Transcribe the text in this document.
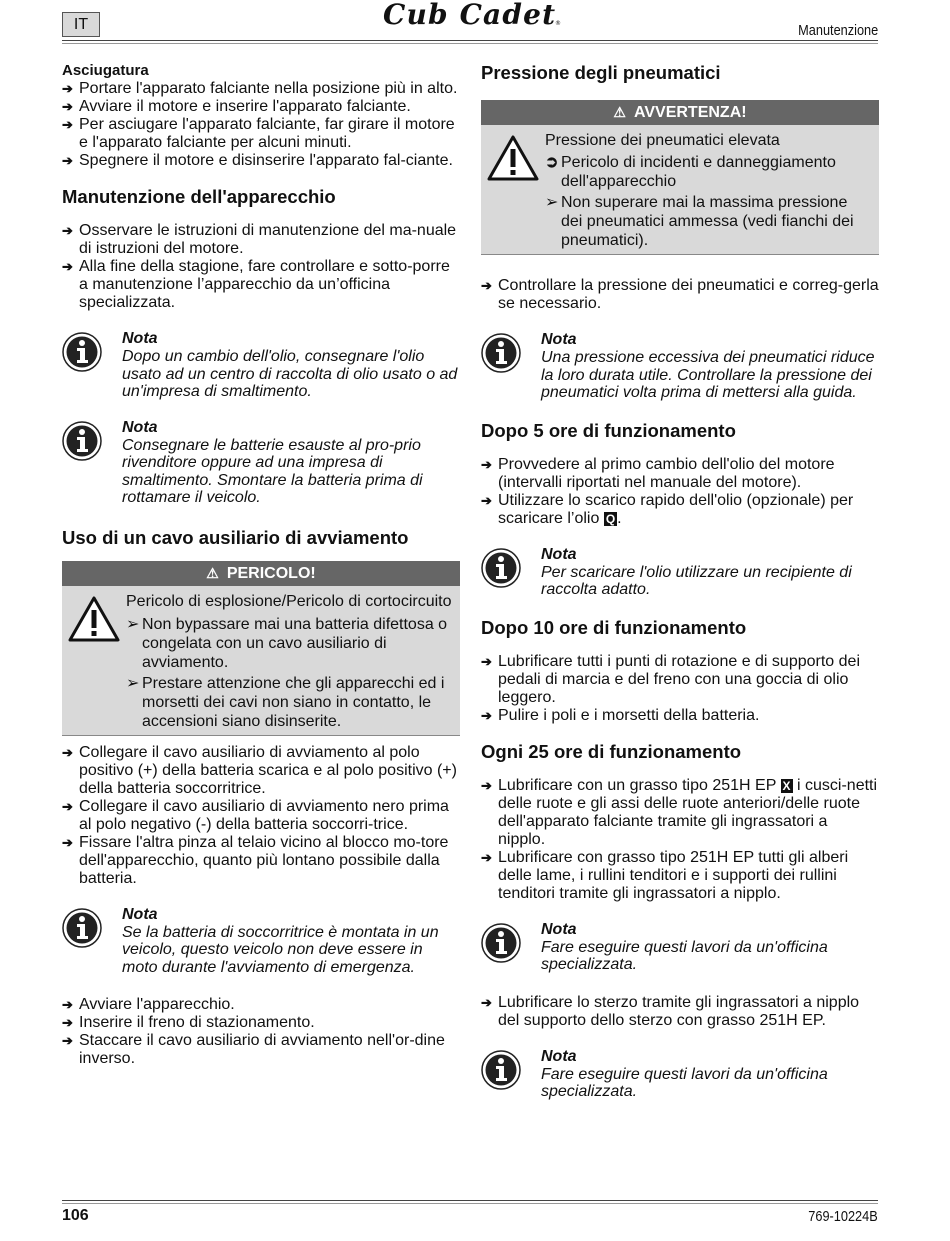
IT	Cub Cadet ®	Manutenzione
Asciugatura
➔ Portare l'apparato falciante nella posizione più in alto.
➔ Avviare il motore e inserire l'apparato falciante.
➔ Per asciugare l'apparato falciante, far girare il motore e l'apparato falciante per alcuni minuti.
➔ Spegnere il motore e disinserire l'apparato fal-ciante.
Manutenzione dell'apparecchio
➔ Osservare le istruzioni di manutenzione del ma-nuale di istruzioni del motore.
➔ Alla fine della stagione, fare controllare e sotto-porre a manutenzione l’apparecchio da un’officina specializzata.
Nota
Dopo un cambio dell'olio, consegnare l'olio usato ad un centro di raccolta di olio usato o ad un'impresa di smaltimento.
Nota
Consegnare le batterie esauste al pro-prio rivenditore oppure ad una impresa di smaltimento. Smontare la batteria prima di rottamare il veicolo.
Uso di un cavo ausiliario di avviamento
⚠ PERICOLO!
Pericolo di esplosione/Pericolo di cortocircuito
➢ Non bypassare mai una batteria difettosa o congelata con un cavo ausiliario di avviamento.
➢ Prestare attenzione che gli apparecchi ed i morsetti dei cavi non siano in contatto, le accensioni siano disinserite.
➔ Collegare il cavo ausiliario di avviamento al polo positivo (+) della batteria scarica e al polo positivo (+) della batteria soccorritrice.
➔ Collegare il cavo ausiliario di avviamento nero prima al polo negativo (-) della batteria soccorri-trice.
➔ Fissare l'altra pinza al telaio vicino al blocco mo-tore dell'apparecchio, quanto più lontano possibile dalla batteria.
Nota
Se la batteria di soccorritrice è montata in un veicolo, questo veicolo non deve essere in moto durante l'avviamento di emergenza.
➔ Avviare l'apparecchio.
➔ Inserire il freno di stazionamento.
➔ Staccare il cavo ausiliario di avviamento nell'or-dine inverso.
Pressione degli pneumatici
⚠ AVVERTENZA!
Pressione dei pneumatici elevata
➲ Pericolo di incidenti e danneggiamento dell'apparecchio
➢ Non superare mai la massima pressione dei pneumatici ammessa (vedi fianchi dei pneumatici).
➔ Controllare la pressione dei pneumatici e correg-gerla se necessario.
Nota
Una pressione eccessiva dei pneumatici riduce la loro durata utile. Controllare la pressione dei pneumatici volta prima di mettersi alla guida.
Dopo 5 ore di funzionamento
➔ Provvedere al primo cambio dell'olio del motore (intervalli riportati nel manuale del motore).
➔ Utilizzare lo scarico rapido dell'olio (opzionale) per scaricare l’olio Q .
Nota
Per scaricare l'olio utilizzare un recipiente di raccolta adatto.
Dopo 10 ore di funzionamento
➔ Lubrificare tutti i punti di rotazione e di supporto dei pedali di marcia e del freno con una goccia di olio leggero.
➔ Pulire i poli e i morsetti della batteria.
Ogni 25 ore di funzionamento
➔ Lubrificare con un grasso tipo 251H EP X i cusci-netti delle ruote e gli assi delle ruote anteriori/delle ruote dell'apparato falciante tramite gli ingrassatori a nipplo.
➔ Lubrificare con grasso tipo 251H EP tutti gli alberi delle lame, i rullini tenditori e i supporti dei rullini tenditori tramite gli ingrassatori a nipplo.
Nota
Fare eseguire questi lavori da un'officina specializzata.
➔ Lubrificare lo sterzo tramite gli ingrassatori a nipplo del supporto dello sterzo con grasso 251H EP.
Nota
Fare eseguire questi lavori da un'officina specializzata.
106	769-10224B
